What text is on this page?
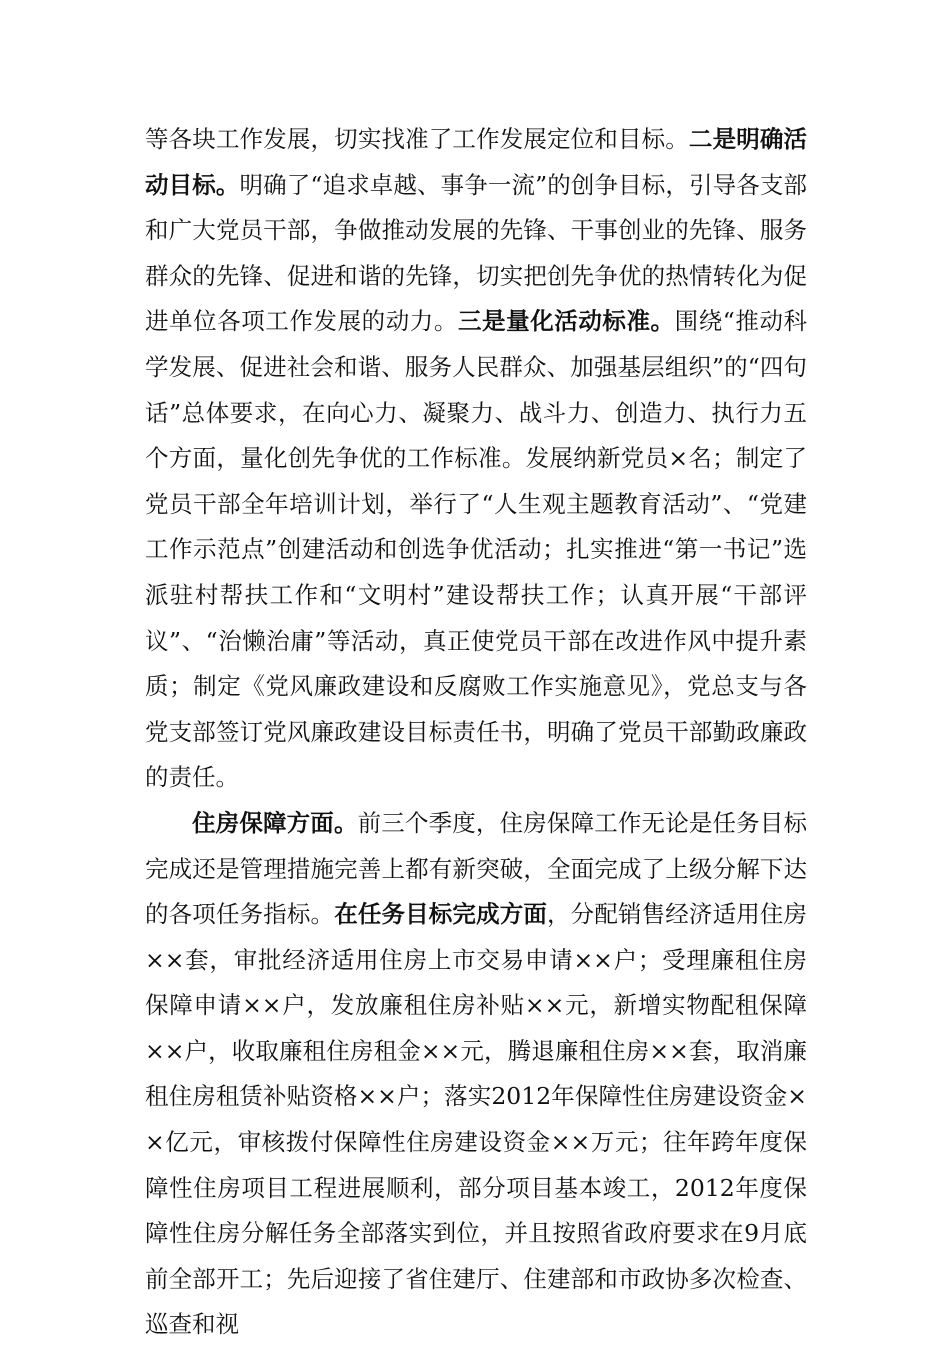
等各块工作发展，切实找准了工作发展定位和目标。二是明确活动目标。明确了“追求卓越、事争一流”的创争目标，引导各支部和广大党员干部，争做推动发展的先锋、干事创业的先锋、服务群众的先锋、促进和谐的先锋，切实把创先争优的热情转化为促进单位各项工作发展的动力。三是量化活动标准。围绕“推动科学发展、促进社会和谐、服务人民群众、加强基层组织”的“四句话”总体要求，在向心力、凝聚力、战斗力、创造力、执行力五个方面，量化创先争优的工作标准。发展纳新党员×名；制定了党员干部全年培训计划，举行了“人生观主题教育活动”、“党建工作示范点”创建活动和创选争优活动；扎实推进“第一书记”选派驻村帮扶工作和“文明村”建设帮扶工作；认真开展“干部评议”、“治懒治庸”等活动，真正使党员干部在改进作风中提升素质；制定《党风廉政建设和反腐败工作实施意见》，党总支与各党支部签订党风廉政建设目标责任书，明确了党员干部勤政廉政的责任。

住房保障方面。前三个季度，住房保障工作无论是任务目标完成还是管理措施完善上都有新突破，全面完成了上级分解下达的各项任务指标。在任务目标完成方面，分配销售经济适用住房××套，审批经济适用住房上市交易申请××户；受理廉租住房保障申请××户，发放廉租住房补贴××元，新增实物配租保障××户，收取廉租住房租金××元，腾退廉租住房××套，取消廉租住房租赁补贴资格××户；落实2012年保障性住房建设资金××亿元，审核拨付保障性住房建设资金××万元；往年跨年度保障性住房项目工程进展顺利，部分项目基本竣工，2012年度保障性住房分解任务全部落实到位，并且按照省政府要求在9月底前全部开工；先后迎接了省住建厅、住建部和市政协多次检查、巡查和视
